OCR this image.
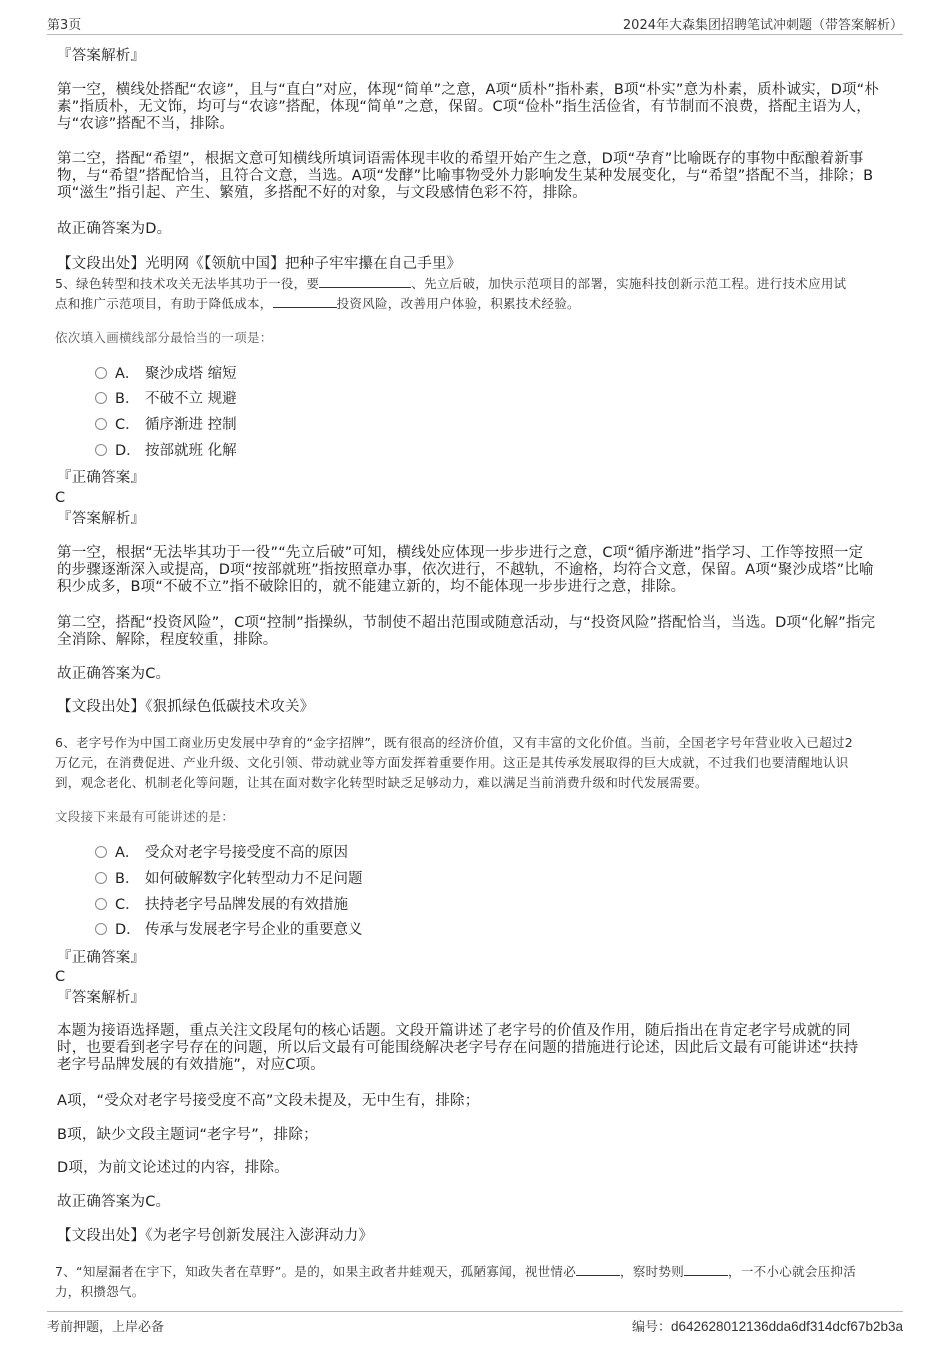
第3页	2024年大森集团招聘笔试冲刺题（带答案解析）
『答案解析』
第一空，横线处搭配“农谚”，且与“直白”对应，体现“简单”之意，A项“质朴”指朴素，B项“朴实”意为朴素，质朴诚实，D项“朴
素”指质朴，无文饰，均可与“农谚”搭配，体现“简单”之意，保留。C项“俭朴”指生活俭省，有节制而不浪费，搭配主语为人，
与“农谚”搭配不当，排除。
第二空，搭配“希望”，根据文意可知横线所填词语需体现丰收的希望开始产生之意，D项“孕育”比喻既存的事物中酝酿着新事
物，与“希望”搭配恰当，且符合文意，当选。A项“发酵”比喻事物受外力影响发生某种发展变化，与“希望”搭配不当，排除；B
项“滋生”指引起、产生、繁殖，多搭配不好的对象，与文段感情色彩不符，排除。
故正确答案为D。
【文段出处】光明网《【领航中国】把种子牢牢攥在自己手里》
5、绿色转型和技术攻关无法毕其功于一役，要	、先立后破，加快示范项目的部署，实施科技创新示范工程。进行技术应用试
点和推广示范项目，有助于降低成本，	投资风险，改善用户体验，积累技术经验。
依次填入画横线部分最恰当的一项是：
A． 聚沙成塔 缩短
B． 不破不立 规避
C． 循序渐进 控制
D． 按部就班 化解
『正确答案』
C
『答案解析』
第一空，根据“无法毕其功于一役”“先立后破”可知，横线处应体现一步步进行之意，C项“循序渐进”指学习、工作等按照一定
的步骤逐渐深入或提高，D项“按部就班”指按照章办事，依次进行，不越轨，不逾格，均符合文意，保留。A项“聚沙成塔”比喻
积少成多，B项“不破不立”指不破除旧的，就不能建立新的，均不能体现一步步进行之意，排除。
第二空，搭配“投资风险”，C项“控制”指操纵，节制使不超出范围或随意活动，与“投资风险”搭配恰当，当选。D项“化解”指完
全消除、解除，程度较重，排除。
故正确答案为C。
【文段出处】《狠抓绿色低碳技术攻关》
6、老字号作为中国工商业历史发展中孕育的“金字招牌”，既有很高的经济价值，又有丰富的文化价值。当前，全国老字号年营业收入已超过2
万亿元，在消费促进、产业升级、文化引领、带动就业等方面发挥着重要作用。这正是其传承发展取得的巨大成就，不过我们也要清醒地认识
到，观念老化、机制老化等问题，让其在面对数字化转型时缺乏足够动力，难以满足当前消费升级和时代发展需要。
文段接下来最有可能讲述的是：
A． 受众对老字号接受度不高的原因
B． 如何破解数字化转型动力不足问题
C． 扶持老字号品牌发展的有效措施
D． 传承与发展老字号企业的重要意义
『正确答案』
C
『答案解析』
本题为接语选择题，重点关注文段尾句的核心话题。文段开篇讲述了老字号的价值及作用，随后指出在肯定老字号成就的同
时，也要看到老字号存在的问题，所以后文最有可能围绕解决老字号存在问题的措施进行论述，因此后文最有可能讲述“扶持
老字号品牌发展的有效措施”，对应C项。
A项，“受众对老字号接受度不高”文段未提及，无中生有，排除；
B项，缺少文段主题词“老字号”，排除；
D项，为前文论述过的内容，排除。
故正确答案为C。
【文段出处】《为老字号创新发展注入澎湃动力》
7、“知屋漏者在宇下，知政失者在草野”。是的，如果主政者井蛙观天，孤陋寡闻，视世情必	，察时势则	，一不小心就会压抑活
力，积攒怨气。
考前押题，上岸必备	编号：d642628012136dda6df314dcf67b2b3a
